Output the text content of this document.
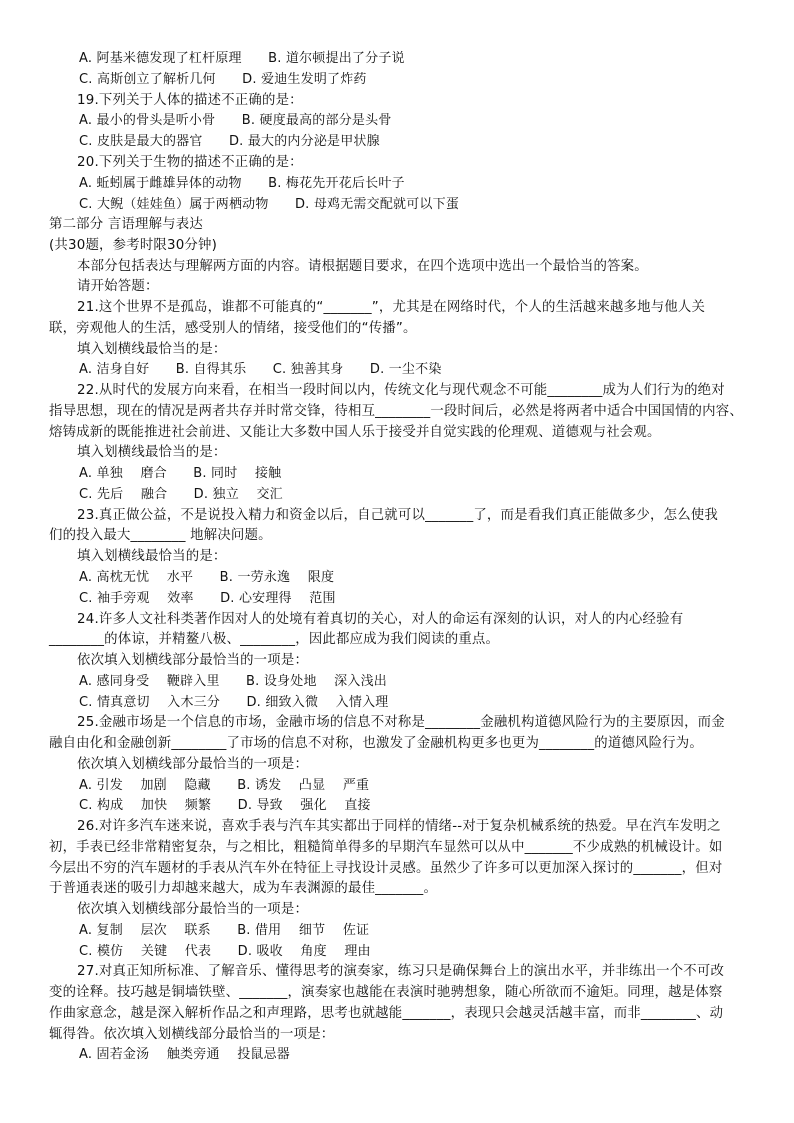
A. 阿基米德发现了杠杆原理　　B. 道尔顿提出了分子说
C. 高斯创立了解析几何　　D. 爱迪生发明了炸药
19.下列关于人体的描述不正确的是：
A. 最小的骨头是听小骨　　B. 硬度最高的部分是头骨
C. 皮肤是最大的器官　　D. 最大的内分泌是甲状腺
20.下列关于生物的描述不正确的是：
A. 蚯蚓属于雌雄异体的动物　　B. 梅花先开花后长叶子
C. 大鲵（娃娃鱼）属于两栖动物　　D. 母鸡无需交配就可以下蛋
第二部分 言语理解与表达
(共30题，参考时限30分钟)
本部分包括表达与理解两方面的内容。请根据题目要求，在四个选项中选出一个最恰当的答案。
请开始答题：
21.这个世界不是孤岛，谁都不可能真的“_______”，尤其是在网络时代，个人的生活越来越多地与他人关
联，旁观他人的生活，感受别人的情绪，接受他们的“传播”。
填入划横线最恰当的是：
A. 洁身自好　　B. 自得其乐　　C. 独善其身　　D. 一尘不染
22.从时代的发展方向来看，在相当一段时间以内，传统文化与现代观念不可能________成为人们行为的绝对
指导思想，现在的情况是两者共存并时常交锋，待相互________一段时间后，必然是将两者中适合中国国情的内容、
熔铸成新的既能推进社会前进、又能让大多数中国人乐于接受并自觉实践的伦理观、道德观与社会观。
填入划横线最恰当的是：
A. 单独　 磨合　　B. 同时　 接触
C. 先后　 融合　　D. 独立　 交汇
23.真正做公益，不是说投入精力和资金以后，自己就可以_______了，而是看我们真正能做多少，怎么使我
们的投入最大________ 地解决问题。
填入划横线最恰当的是：
A. 高枕无忧　 水平　　B. 一劳永逸　 限度
C. 袖手旁观　 效率　　D. 心安理得　 范围
24.许多人文社科类著作因对人的处境有着真切的关心，对人的命运有深刻的认识，对人的内心经验有
________的体谅，并精鳌八极、________，因此都应成为我们阅读的重点。
依次填入划横线部分最恰当的一项是：
A. 感同身受　 鞭辟入里　　B. 设身处地　 深入浅出
C. 情真意切　 入木三分　　D. 细致入微　 入情入理
25.金融市场是一个信息的市场，金融市场的信息不对称是________金融机构道德风险行为的主要原因，而金
融自由化和金融创新________了市场的信息不对称，也激发了金融机构更多也更为________的道德风险行为。
依次填入划横线部分最恰当的一项是：
A. 引发　 加剧　 隐藏　　B. 诱发　 凸显　 严重
C. 构成　 加快　 频繁　　D. 导致　 强化　 直接
26.对许多汽车迷来说，喜欢手表与汽车其实都出于同样的情绪--对于复杂机械系统的热爱。早在汽车发明之
初，手表已经非常精密复杂，与之相比，粗糙简单得多的早期汽车显然可以从中_______不少成熟的机械设计。如
今层出不穷的汽车题材的手表从汽车外在特征上寻找设计灵感。虽然少了许多可以更加深入探讨的_______，但对
于普通表迷的吸引力却越来越大，成为车表渊源的最佳_______。
依次填入划横线部分最恰当的一项是：
A. 复制　 层次　 联系　　B. 借用　 细节　 佐证
C. 模仿　 关键　 代表　　D. 吸收　 角度　 理由
27.对真正知所标准、了解音乐、懂得思考的演奏家，练习只是确保舞台上的演出水平，并非练出一个不可改
变的诠释。技巧越是铜墙铁壁、_______，演奏家也越能在表演时驰骋想象，随心所欲而不逾矩。同理，越是体察
作曲家意念，越是深入解析作品之和声理路，思考也就越能_______，表现只会越灵活越丰富，而非________、动
辄得咎。依次填入划横线部分最恰当的一项是：
A. 固若金汤　 触类旁通　 投鼠忌器
